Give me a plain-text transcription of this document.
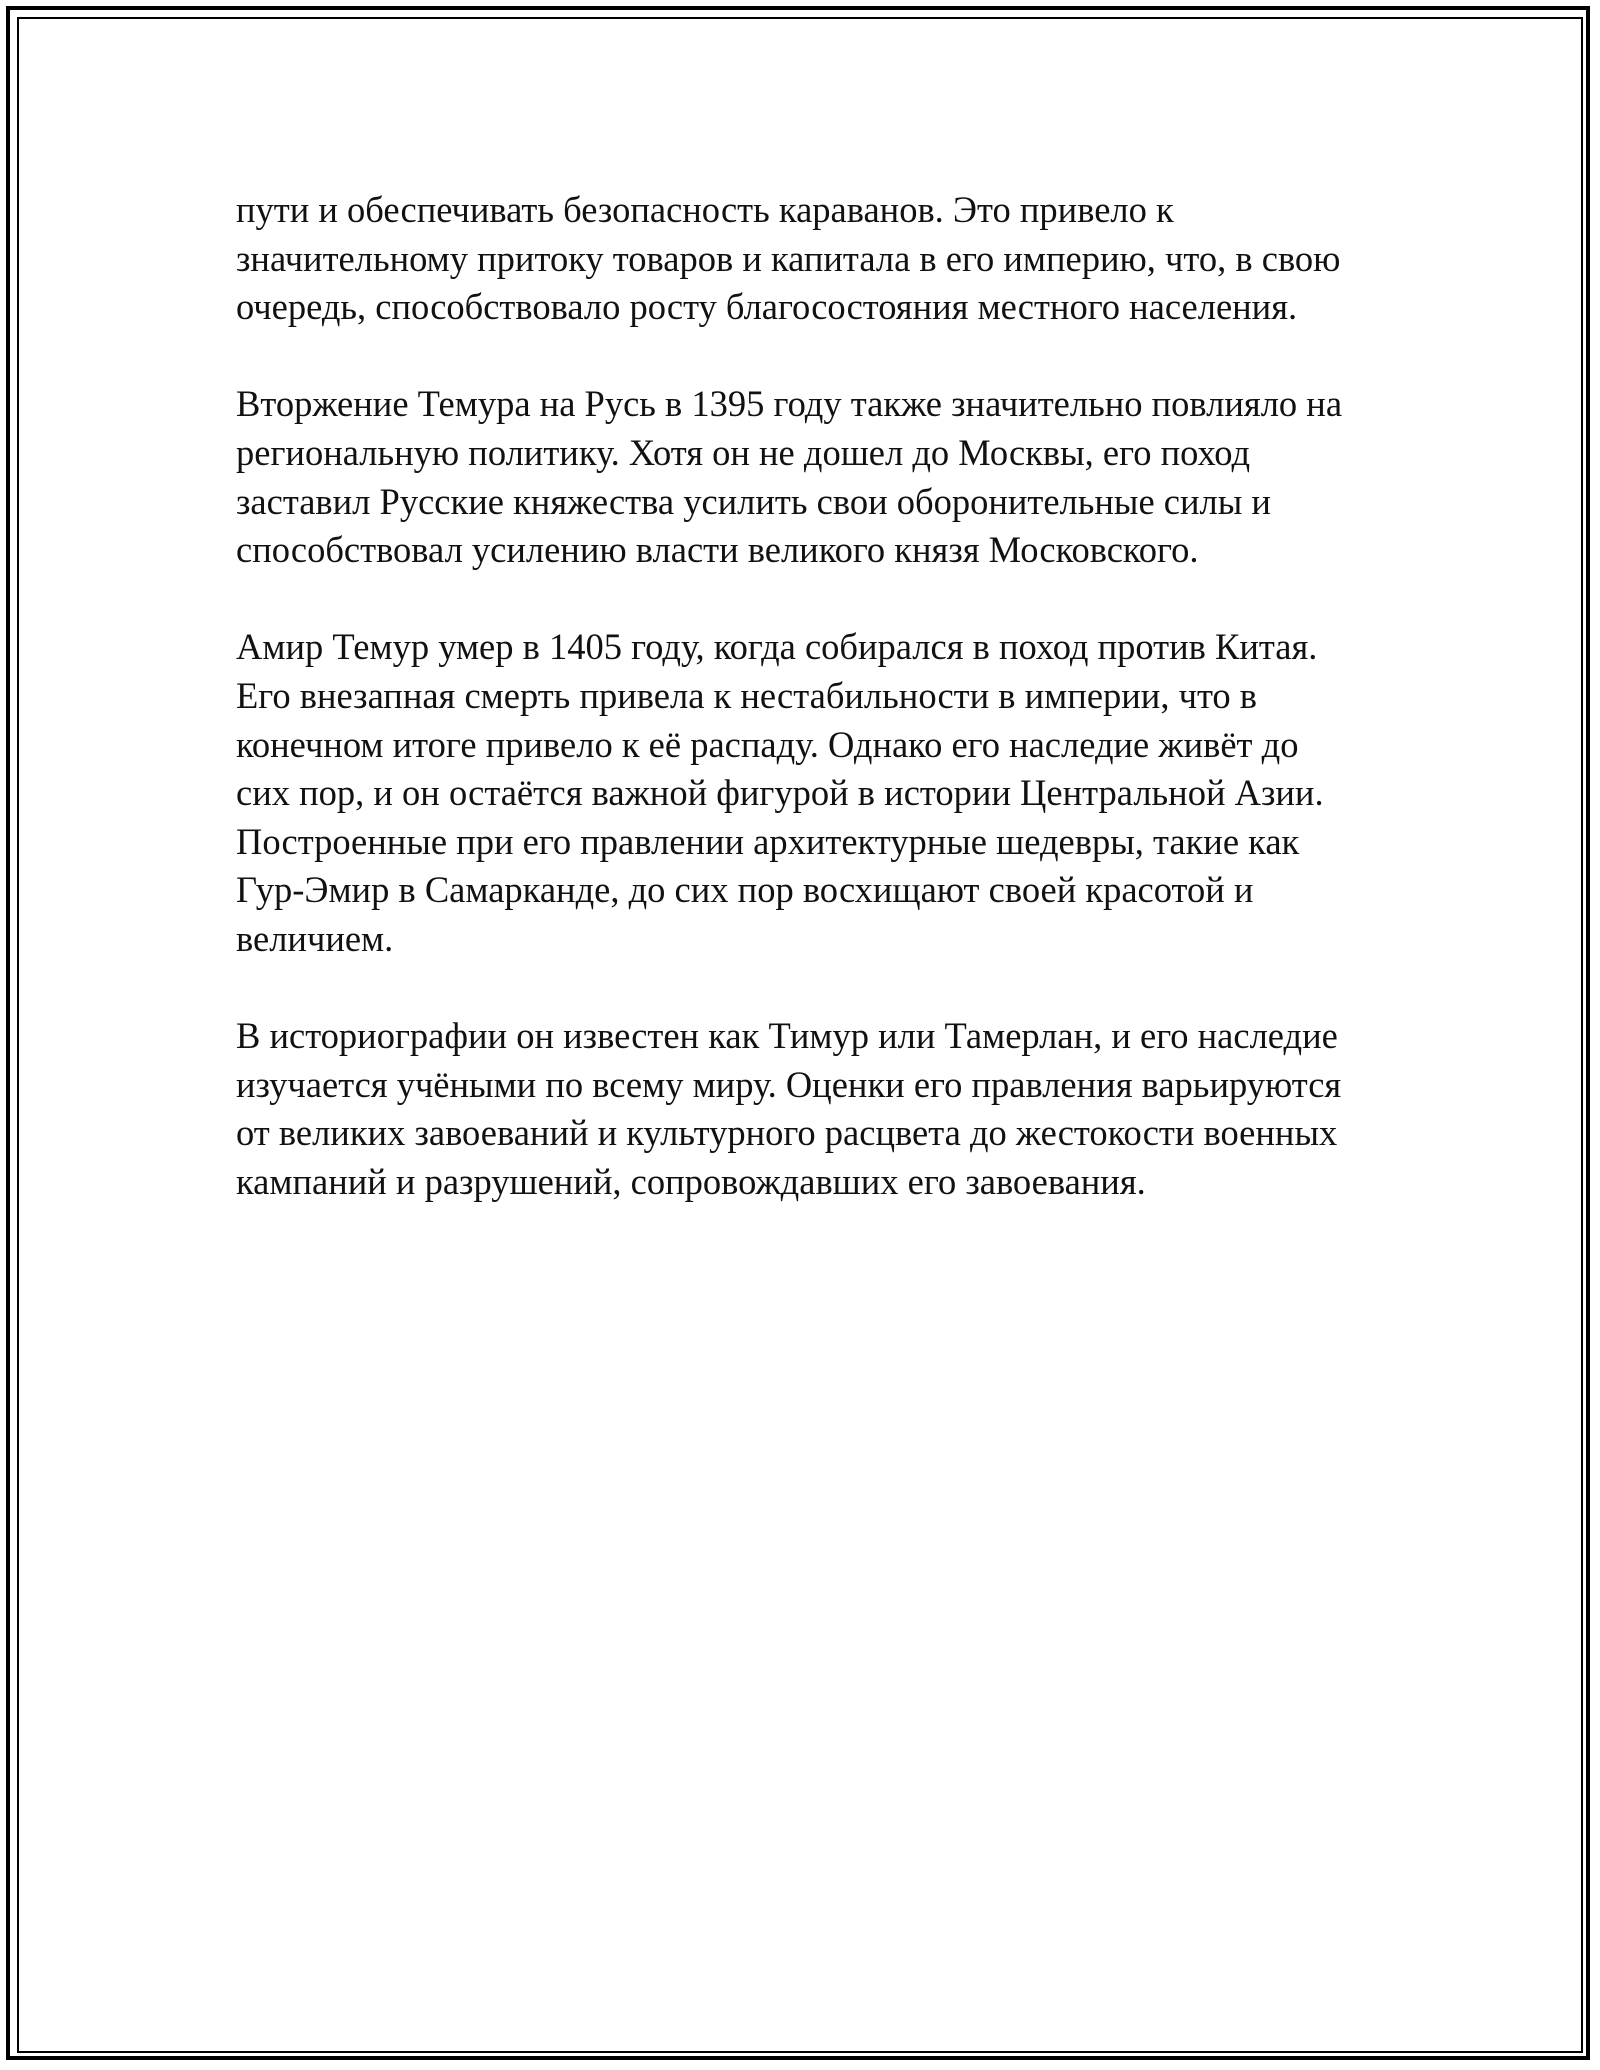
пути и обеспечивать безопасность караванов. Это привело к
значительному притоку товаров и капитала в его империю, что, в свою
очередь, способствовало росту благосостояния местного населения.
Вторжение Темура на Русь в 1395 году также значительно повлияло на
региональную политику. Хотя он не дошел до Москвы, его поход
заставил Русские княжества усилить свои оборонительные силы и
способствовал усилению власти великого князя Московского.
Амир Темур умер в 1405 году, когда собирался в поход против Китая.
Его внезапная смерть привела к нестабильности в империи, что в
конечном итоге привело к её распаду. Однако его наследие живёт до
сих пор, и он остаётся важной фигурой в истории Центральной Азии.
Построенные при его правлении архитектурные шедевры, такие как
Гур-Эмир в Самарканде, до сих пор восхищают своей красотой и
величием.
В историографии он известен как Тимур или Тамерлан, и его наследие
изучается учёными по всему миру. Оценки его правления варьируются
от великих завоеваний и культурного расцвета до жестокости военных
кампаний и разрушений, сопровождавших его завоевания.
